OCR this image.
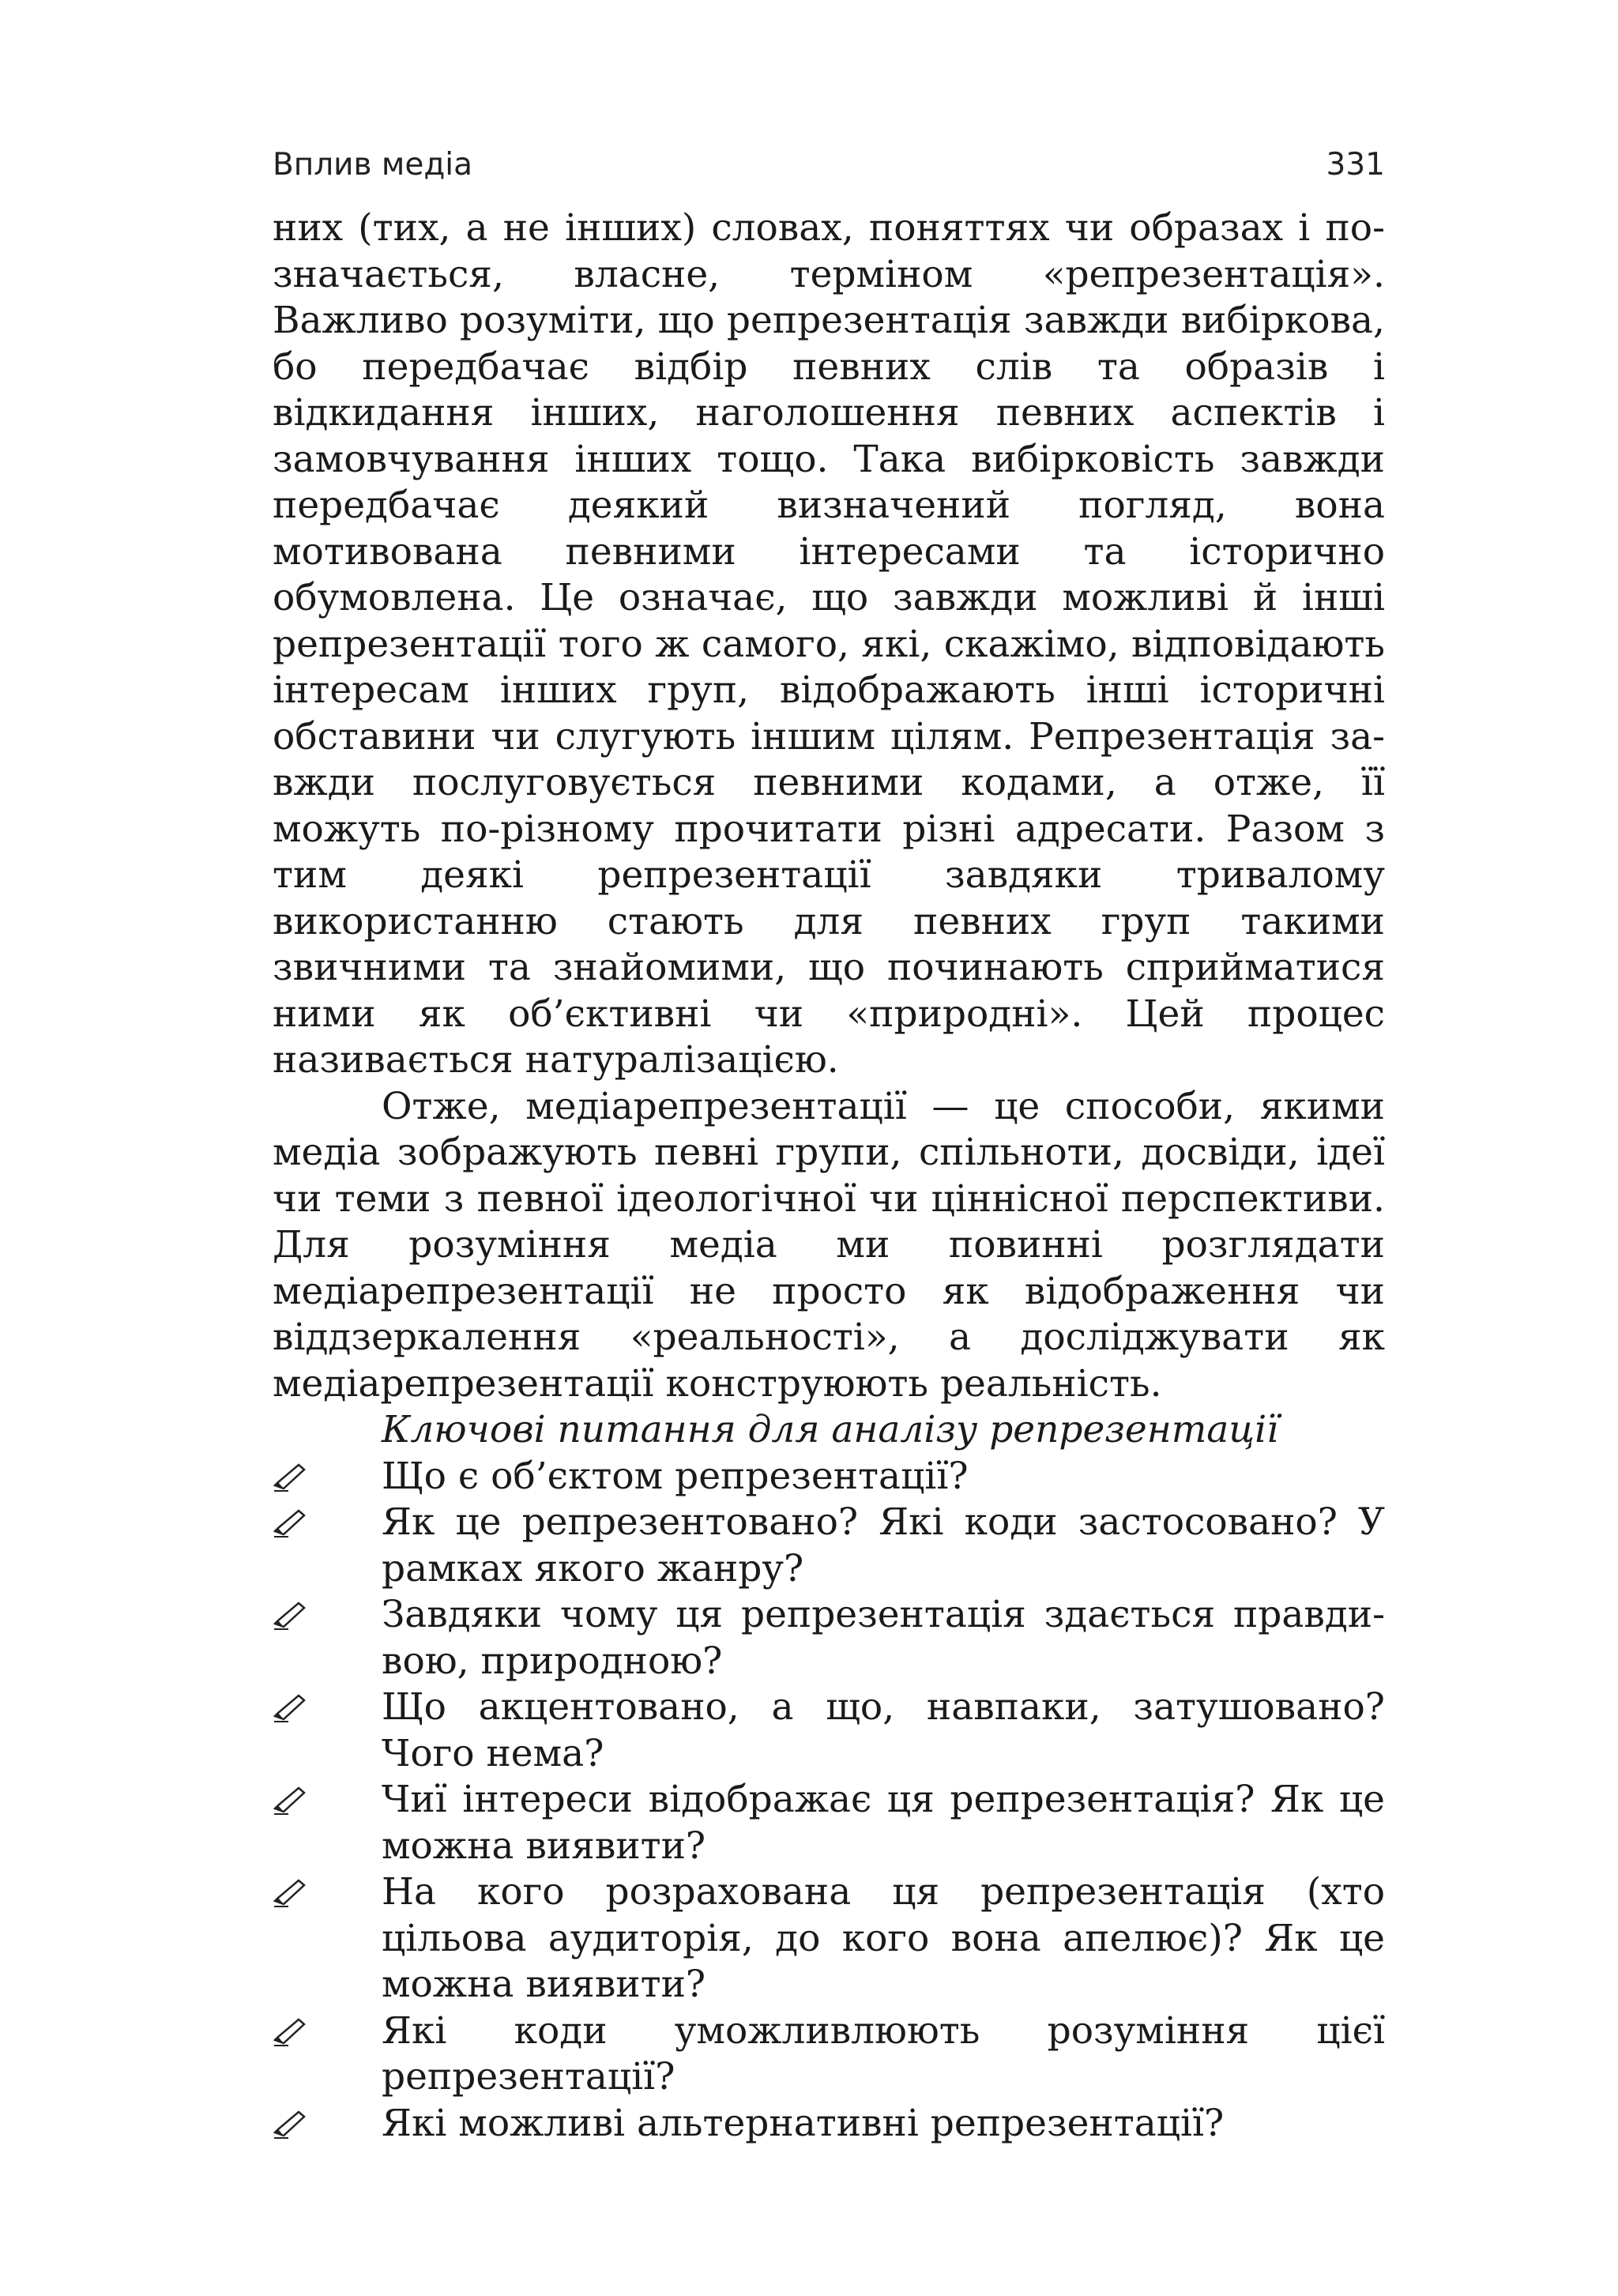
Вплив медіа	331

них (тих, а не інших) словах, поняттях чи образах і позначається, власне, терміном «репрезентація». Важливо розуміти, що репрезентація завжди вибіркова, бо передбачає відбір певних слів та образів і відкидання інших, наголошення певних аспектів і замовчування інших тощо. Така вибірковість завжди передбачає деякий визначений погляд, вона мотивована певними інтересами та історично обумовлена. Це означає, що завжди можливі й інші репрезентації того ж самого, які, скажімо, відповідають інтересам інших груп, відображають інші історичні обставини чи слугують іншим цілям. Репрезентація завжди послуговується певними кодами, а отже, її можуть по-різному прочитати різні адресати. Разом з тим деякі репрезентації завдяки тривалому використанню стають для певних груп такими звичними та знайомими, що починають сприйматися ними як об’єктивні чи «природні». Цей процес називається натуралізацією.

Отже, медіарепрезентації — це способи, якими медіа зображують певні групи, спільноти, досвіди, ідеї чи теми з певної ідеологічної чи ціннісної перспективи. Для розуміння медіа ми повинні розглядати медіарепрезентації не просто як відображення чи віддзеркалення «реальності», а досліджувати як медіарепрезентації конструюють реальність.

Ключові питання для аналізу репрезентації

Що є об’єктом репрезентації?
Як це репрезентовано? Які коди застосовано? У рамках якого жанру?
Завдяки чому ця репрезентація здається правдивою, природною?
Що акцентовано, а що, навпаки, затушовано? Чого нема?
Чиї інтереси відображає ця репрезентація? Як це можна виявити?
На кого розрахована ця репрезентація (хто цільова аудиторія, до кого вона апелює)? Як це можна виявити?
Які коди уможливлюють розуміння цієї репрезентації?
Які можливі альтернативні репрезентації?
